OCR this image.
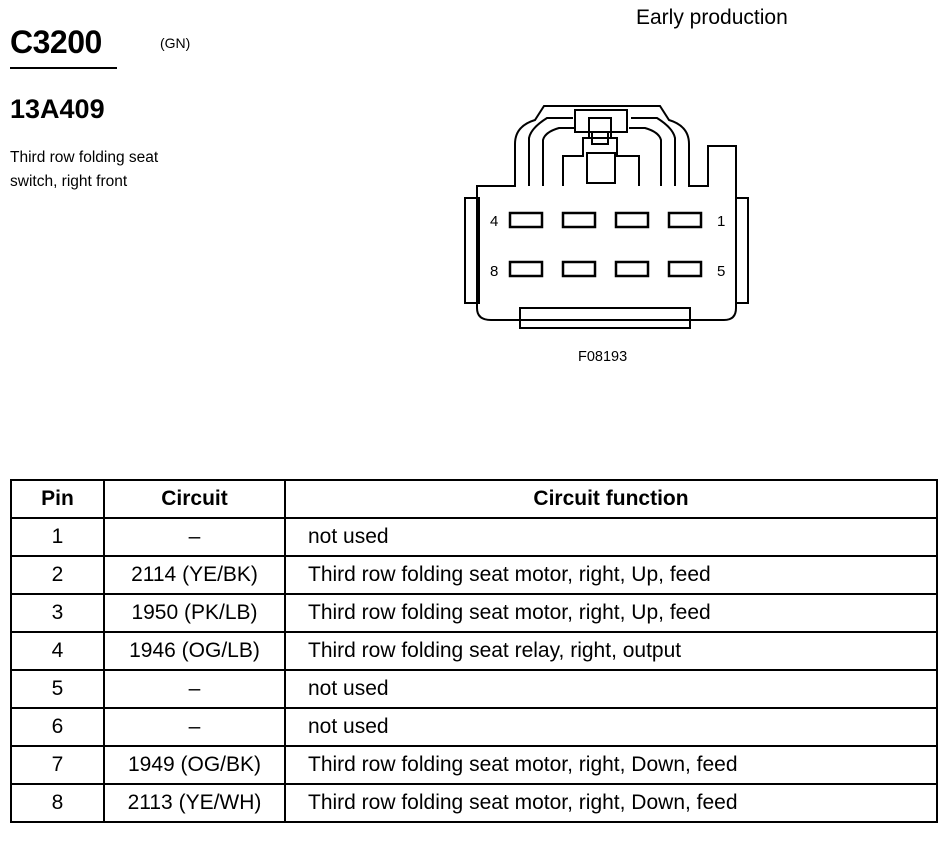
C3200	(GN)
13A409
Third row folding seat switch, right front
Early production
4	1
8	5
F08193
Pin	Circuit	Circuit function
1	–	not used
2	2114 (YE/BK)	Third row folding seat motor, right, Up, feed
3	1950 (PK/LB)	Third row folding seat motor, right, Up, feed
4	1946 (OG/LB)	Third row folding seat relay, right, output
5	–	not used
6	–	not used
7	1949 (OG/BK)	Third row folding seat motor, right, Down, feed
8	2113 (YE/WH)	Third row folding seat motor, right, Down, feed
